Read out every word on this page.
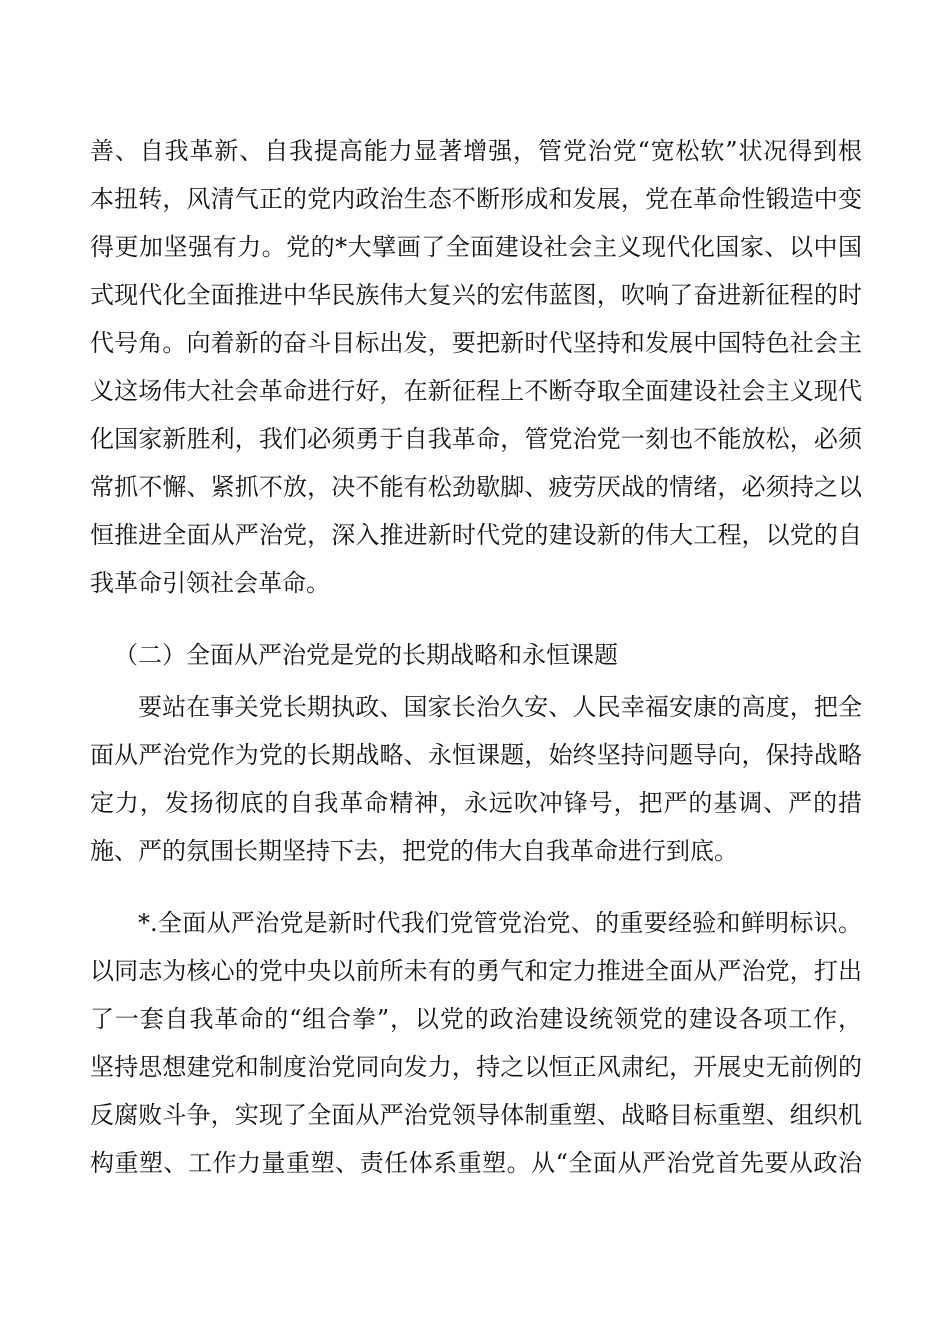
善、自我革新、自我提高能力显著增强，管党治党“宽松软”状况得到根
本扭转，风清气正的党内政治生态不断形成和发展，党在革命性锻造中变
得更加坚强有力。党的*大擘画了全面建设社会主义现代化国家、以中国
式现代化全面推进中华民族伟大复兴的宏伟蓝图，吹响了奋进新征程的时
代号角。向着新的奋斗目标出发，要把新时代坚持和发展中国特色社会主
义这场伟大社会革命进行好，在新征程上不断夺取全面建设社会主义现代
化国家新胜利，我们必须勇于自我革命，管党治党一刻也不能放松，必须
常抓不懈、紧抓不放，决不能有松劲歇脚、疲劳厌战的情绪，必须持之以
恒推进全面从严治党，深入推进新时代党的建设新的伟大工程，以党的自
我革命引领社会革命。
（二）全面从严治党是党的长期战略和永恒课题
要站在事关党长期执政、国家长治久安、人民幸福安康的高度，把全
面从严治党作为党的长期战略、永恒课题，始终坚持问题导向，保持战略
定力，发扬彻底的自我革命精神，永远吹冲锋号，把严的基调、严的措
施、严的氛围长期坚持下去，把党的伟大自我革命进行到底。
*.全面从严治党是新时代我们党管党治党、的重要经验和鲜明标识。
以同志为核心的党中央以前所未有的勇气和定力推进全面从严治党，打出
了一套自我革命的“组合拳”，以党的政治建设统领党的建设各项工作，
坚持思想建党和制度治党同向发力，持之以恒正风肃纪，开展史无前例的
反腐败斗争，实现了全面从严治党领导体制重塑、战略目标重塑、组织机
构重塑、工作力量重塑、责任体系重塑。从“全面从严治党首先要从政治
